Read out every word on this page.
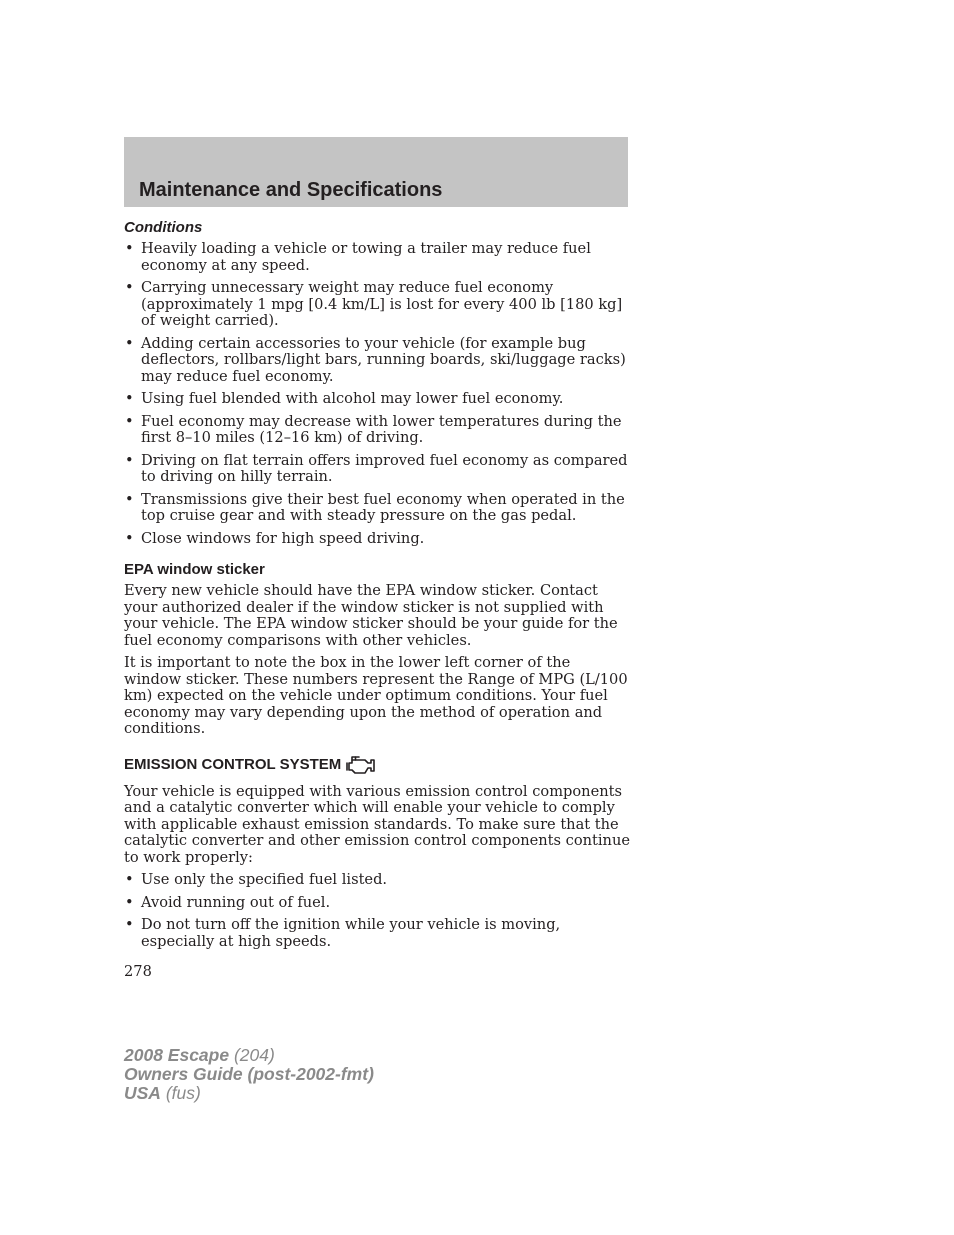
Maintenance and Specifications
Conditions
• Heavily loading a vehicle or towing a trailer may reduce fuel economy at any speed.
• Carrying unnecessary weight may reduce fuel economy (approximately 1 mpg [0.4 km/L] is lost for every 400 lb [180 kg] of weight carried).
• Adding certain accessories to your vehicle (for example bug deflectors, rollbars/light bars, running boards, ski/luggage racks) may reduce fuel economy.
• Using fuel blended with alcohol may lower fuel economy.
• Fuel economy may decrease with lower temperatures during the first 8–10 miles (12–16 km) of driving.
• Driving on flat terrain offers improved fuel economy as compared to driving on hilly terrain.
• Transmissions give their best fuel economy when operated in the top cruise gear and with steady pressure on the gas pedal.
• Close windows for high speed driving.
EPA window sticker

Every new vehicle should have the EPA window sticker. Contact your authorized dealer if the window sticker is not supplied with your vehicle. The EPA window sticker should be your guide for the fuel economy comparisons with other vehicles.

It is important to note the box in the lower left corner of the window sticker. These numbers represent the Range of MPG (L/100 km) expected on the vehicle under optimum conditions. Your fuel economy may vary depending upon the method of operation and conditions.

EMISSION CONTROL SYSTEM

Your vehicle is equipped with various emission control components and a catalytic converter which will enable your vehicle to comply with applicable exhaust emission standards. To make sure that the catalytic converter and other emission control components continue to work properly:

• Use only the specified fuel listed.
• Avoid running out of fuel.
• Do not turn off the ignition while your vehicle is moving, especially at high speeds.
278
2008 Escape (204)
Owners Guide (post-2002-fmt)
USA (fus)
